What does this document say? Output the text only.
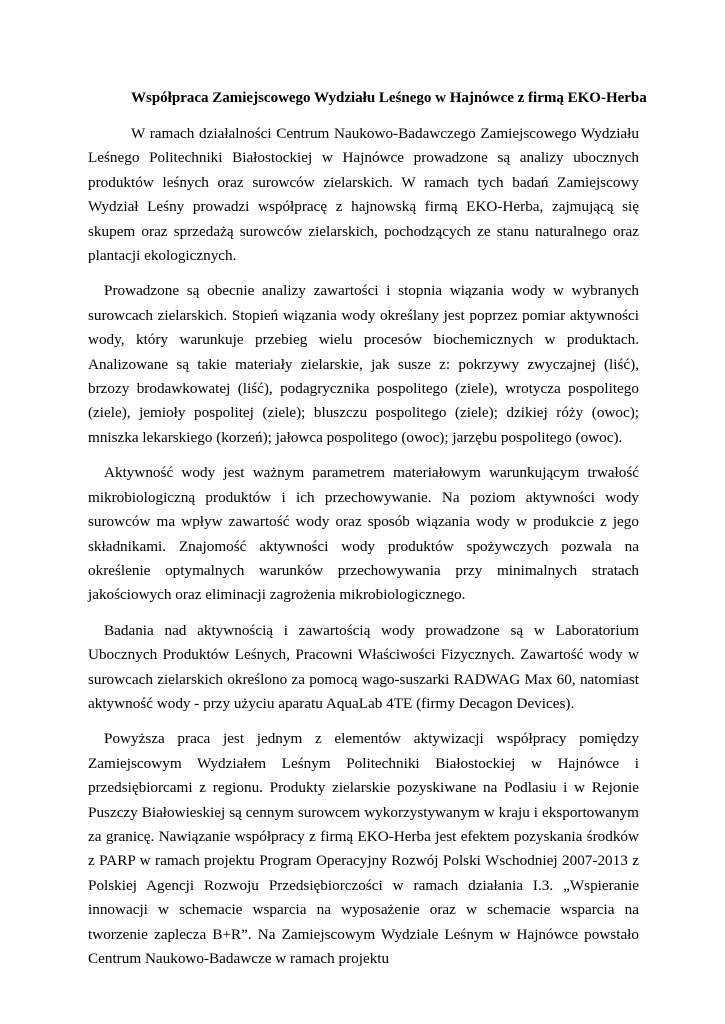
Współpraca Zamiejscowego Wydziału Leśnego w Hajnówce z firmą EKO-Herba

W ramach działalności Centrum Naukowo-Badawczego Zamiejscowego Wydziału Leśnego Politechniki Białostockiej w Hajnówce prowadzone są analizy ubocznych produktów leśnych oraz surowców zielarskich. W ramach tych badań Zamiejscowy Wydział Leśny prowadzi współpracę z hajnowską firmą EKO-Herba, zajmującą się skupem oraz sprzedażą surowców zielarskich, pochodzących ze stanu naturalnego oraz plantacji ekologicznych.

Prowadzone są obecnie analizy zawartości i stopnia wiązania wody w wybranych surowcach zielarskich. Stopień wiązania wody określany jest poprzez pomiar aktywności wody, który warunkuje przebieg wielu procesów biochemicznych w produktach. Analizowane są takie materiały zielarskie, jak susze z: pokrzywy zwyczajnej (liść), brzozy brodawkowatej (liść), podagrycznika pospolitego (ziele), wrotycza pospolitego (ziele), jemioły pospolitej (ziele); bluszczu pospolitego (ziele); dzikiej róży (owoc); mniszka lekarskiego (korzeń); jałowca pospolitego (owoc); jarzębu pospolitego (owoc).

Aktywność wody jest ważnym parametrem materiałowym warunkującym trwałość mikrobiologiczną produktów i ich przechowywanie. Na poziom aktywności wody surowców ma wpływ zawartość wody oraz sposób wiązania wody w produkcie z jego składnikami. Znajomość aktywności wody produktów spożywczych pozwala na określenie optymalnych warunków przechowywania przy minimalnych stratach jakościowych oraz eliminacji zagrożenia mikrobiologicznego.

Badania nad aktywnością i zawartością wody prowadzone są w Laboratorium Ubocznych Produktów Leśnych, Pracowni Właściwości Fizycznych. Zawartość wody w surowcach zielarskich określono za pomocą wago-suszarki RADWAG Max 60, natomiast aktywność wody - przy użyciu aparatu AquaLab 4TE (firmy Decagon Devices).

Powyższa praca jest jednym z elementów aktywizacji współpracy pomiędzy Zamiejscowym Wydziałem Leśnym Politechniki Białostockiej w Hajnówce i przedsiębiorcami z regionu. Produkty zielarskie pozyskiwane na Podlasiu i w Rejonie Puszczy Białowieskiej są cennym surowcem wykorzystywanym w kraju i eksportowanym za granicę. Nawiązanie współpracy z firmą EKO-Herba jest efektem pozyskania środków z PARP w ramach projektu Program Operacyjny Rozwój Polski Wschodniej 2007-2013 z Polskiej Agencji Rozwoju Przedsiębiorczości w ramach działania I.3. „Wspieranie innowacji w schemacie wsparcia na wyposażenie oraz w schemacie wsparcia na tworzenie zaplecza B+R”. Na Zamiejscowym Wydziale Leśnym w Hajnówce powstało Centrum Naukowo-Badawcze w ramach projektu
